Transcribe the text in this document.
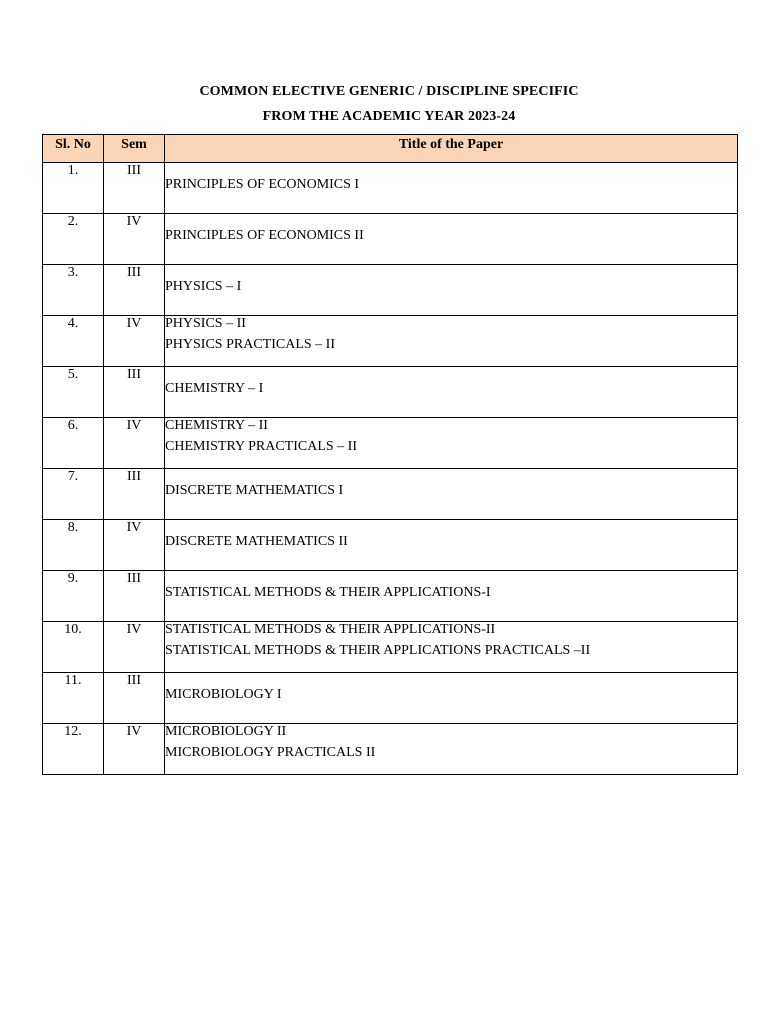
COMMON ELECTIVE GENERIC / DISCIPLINE SPECIFIC
FROM THE ACADEMIC YEAR 2023-24
Sl. No	Sem	Title of the Paper
1.	III	PRINCIPLES OF ECONOMICS I

2.	IV	PRINCIPLES OF ECONOMICS II

3.	III	PHYSICS – I

4.	IV	PHYSICS – II
PHYSICS PRACTICALS – II

5.	III	CHEMISTRY – I

6.	IV	CHEMISTRY – II
CHEMISTRY PRACTICALS – II

7.	III	DISCRETE MATHEMATICS I

8.	IV	DISCRETE MATHEMATICS II

9.	III	STATISTICAL METHODS & THEIR APPLICATIONS-I

10.	IV	STATISTICAL METHODS & THEIR APPLICATIONS-II
STATISTICAL METHODS & THEIR APPLICATIONS PRACTICALS –II

11.	III	MICROBIOLOGY I

12.	IV	MICROBIOLOGY II
MICROBIOLOGY PRACTICALS II
